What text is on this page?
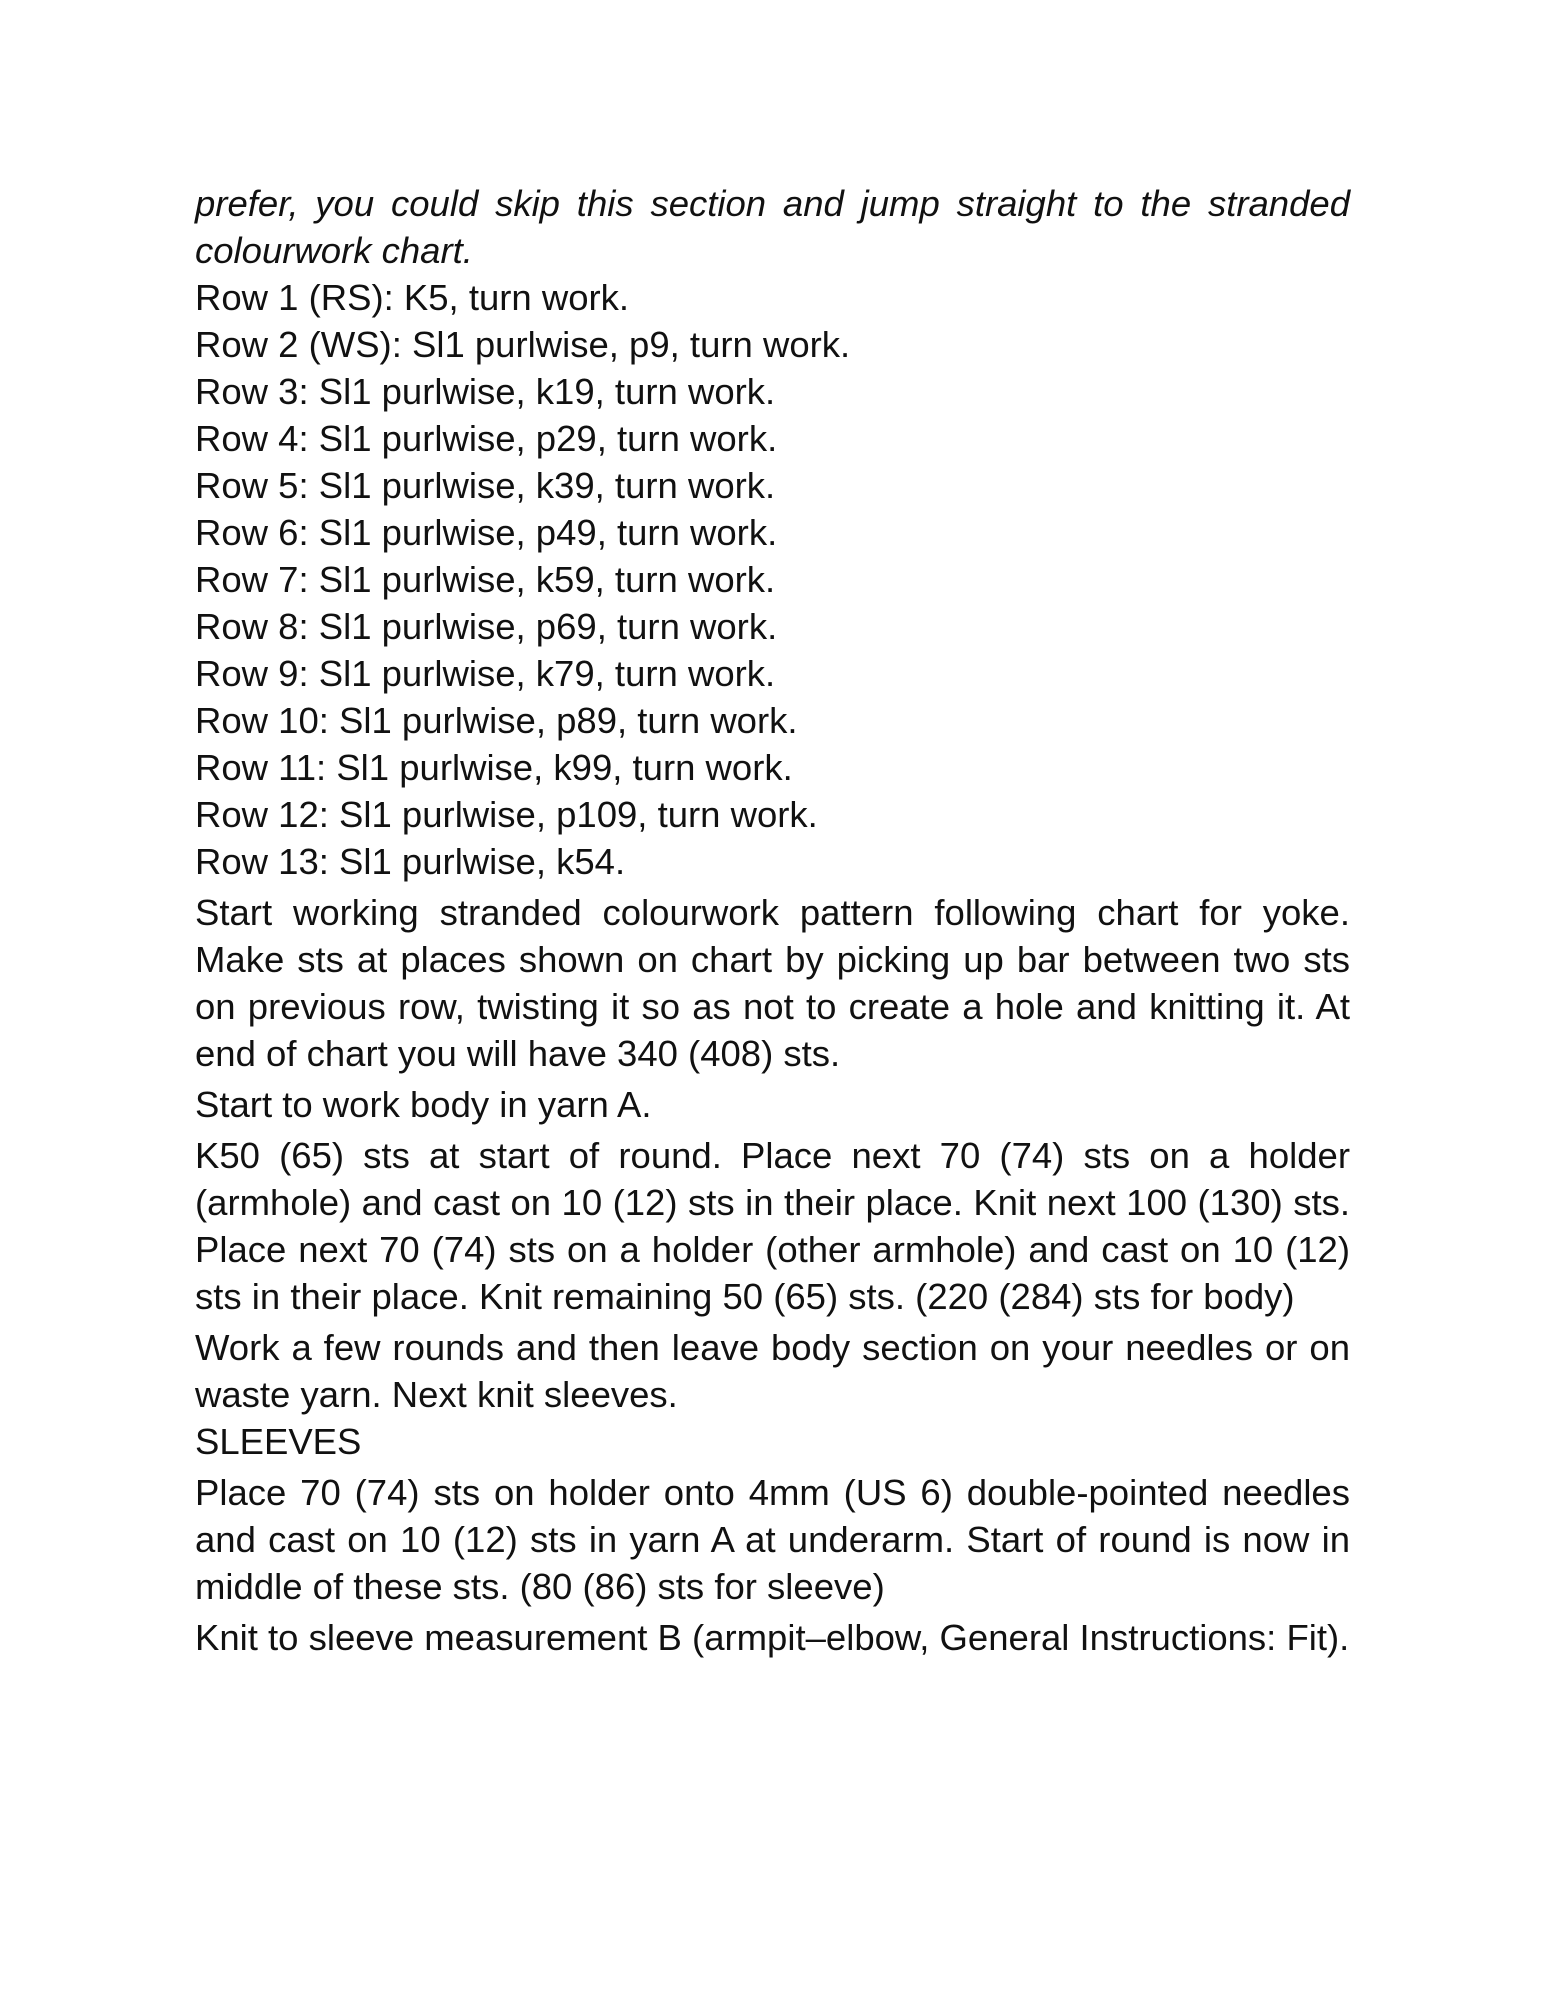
prefer, you could skip this section and jump straight to the stranded colourwork chart.

Row 1 (RS): K5, turn work.

Row 2 (WS): Sl1 purlwise, p9, turn work.

Row 3: Sl1 purlwise, k19, turn work.

Row 4: Sl1 purlwise, p29, turn work.

Row 5: Sl1 purlwise, k39, turn work.

Row 6: Sl1 purlwise, p49, turn work.

Row 7: Sl1 purlwise, k59, turn work.

Row 8: Sl1 purlwise, p69, turn work.

Row 9: Sl1 purlwise, k79, turn work.

Row 10: Sl1 purlwise, p89, turn work.

Row 11: Sl1 purlwise, k99, turn work.

Row 12: Sl1 purlwise, p109, turn work.

Row 13: Sl1 purlwise, k54.

Start working stranded colourwork pattern following chart for yoke. Make sts at places shown on chart by picking up bar between two sts on previous row, twisting it so as not to create a hole and knitting it. At end of chart you will have 340 (408) sts.

Start to work body in yarn A.

K50 (65) sts at start of round. Place next 70 (74) sts on a holder (armhole) and cast on 10 (12) sts in their place. Knit next 100 (130) sts. Place next 70 (74) sts on a holder (other armhole) and cast on 10 (12) sts in their place. Knit remaining 50 (65) sts. (220 (284) sts for body)

Work a few rounds and then leave body section on your needles or on waste yarn. Next knit sleeves.

SLEEVES

Place 70 (74) sts on holder onto 4mm (US 6) double-pointed needles and cast on 10 (12) sts in yarn A at underarm. Start of round is now in middle of these sts. (80 (86) sts for sleeve)

Knit to sleeve measurement B (armpit–elbow, General Instructions: Fit).
